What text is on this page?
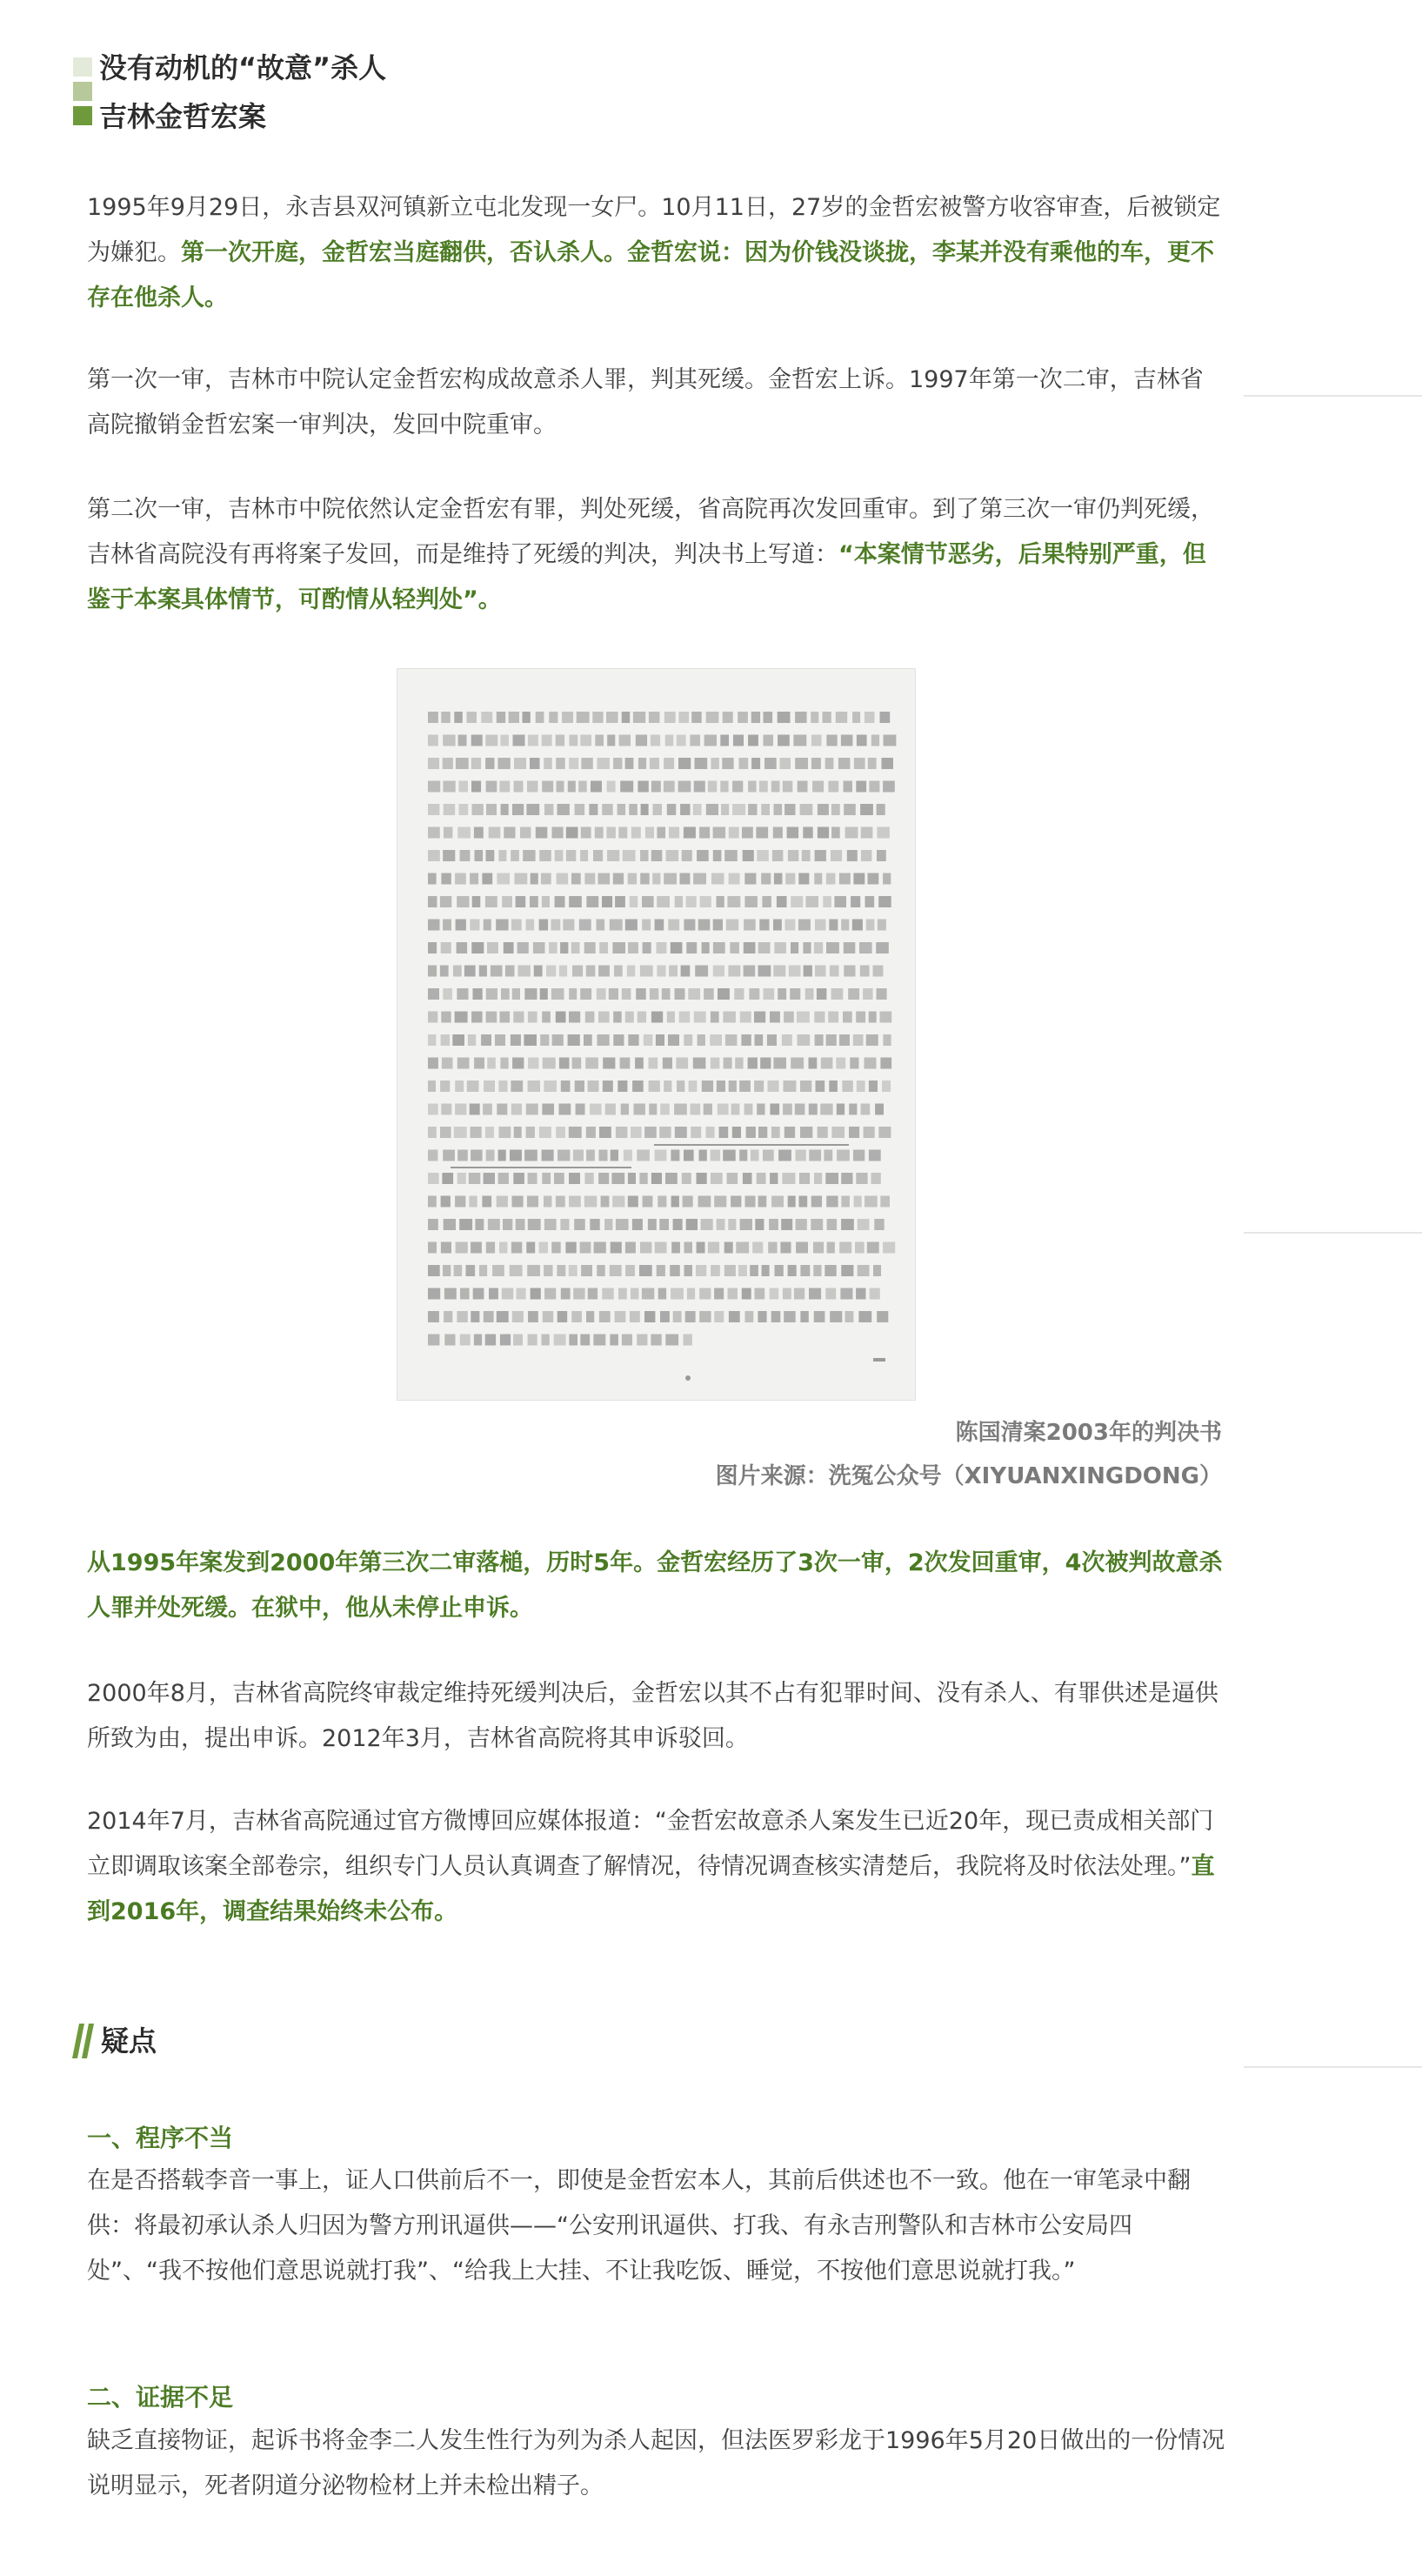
没有动机的“故意”杀人
吉林金哲宏案

1995年9月29日，永吉县双河镇新立屯北发现一女尸。10月11日，27岁的金哲宏被警方收容审查，后被锁定为嫌犯。第一次开庭，金哲宏当庭翻供，否认杀人。金哲宏说：因为价钱没谈拢，李某并没有乘他的车，更不存在他杀人。

第一次一审，吉林市中院认定金哲宏构成故意杀人罪，判其死缓。金哲宏上诉。1997年第一次二审，吉林省高院撤销金哲宏案一审判决，发回中院重审。

第二次一审，吉林市中院依然认定金哲宏有罪，判处死缓，省高院再次发回重审。到了第三次一审仍判死缓，吉林省高院没有再将案子发回，而是维持了死缓的判决，判决书上写道：“本案情节恶劣，后果特别严重，但鉴于本案具体情节，可酌情从轻判处”。

陈国清案2003年的判决书
图片来源：洗冤公众号（XIYUANXINGDONG）

从1995年案发到2000年第三次二审落槌，历时5年。金哲宏经历了3次一审，2次发回重审，4次被判故意杀人罪并处死缓。在狱中，他从未停止申诉。

2000年8月，吉林省高院终审裁定维持死缓判决后，金哲宏以其不占有犯罪时间、没有杀人、有罪供述是逼供所致为由，提出申诉。2012年3月，吉林省高院将其申诉驳回。

2014年7月，吉林省高院通过官方微博回应媒体报道：“金哲宏故意杀人案发生已近20年，现已责成相关部门立即调取该案全部卷宗，组织专门人员认真调查了解情况，待情况调查核实清楚后，我院将及时依法处理。”直到2016年，调查结果始终未公布。

疑点
一、程序不当

在是否搭载李音一事上，证人口供前后不一，即使是金哲宏本人，其前后供述也不一致。他在一审笔录中翻供：将最初承认杀人归因为警方刑讯逼供——“公安刑讯逼供、打我、有永吉刑警队和吉林市公安局四处”、“我不按他们意思说就打我”、“给我上大挂、不让我吃饭、睡觉，不按他们意思说就打我。”

二、证据不足

缺乏直接物证，起诉书将金李二人发生性行为列为杀人起因，但法医罗彩龙于1996年5月20日做出的一份情况说明显示，死者阴道分泌物检材上并未检出精子。
